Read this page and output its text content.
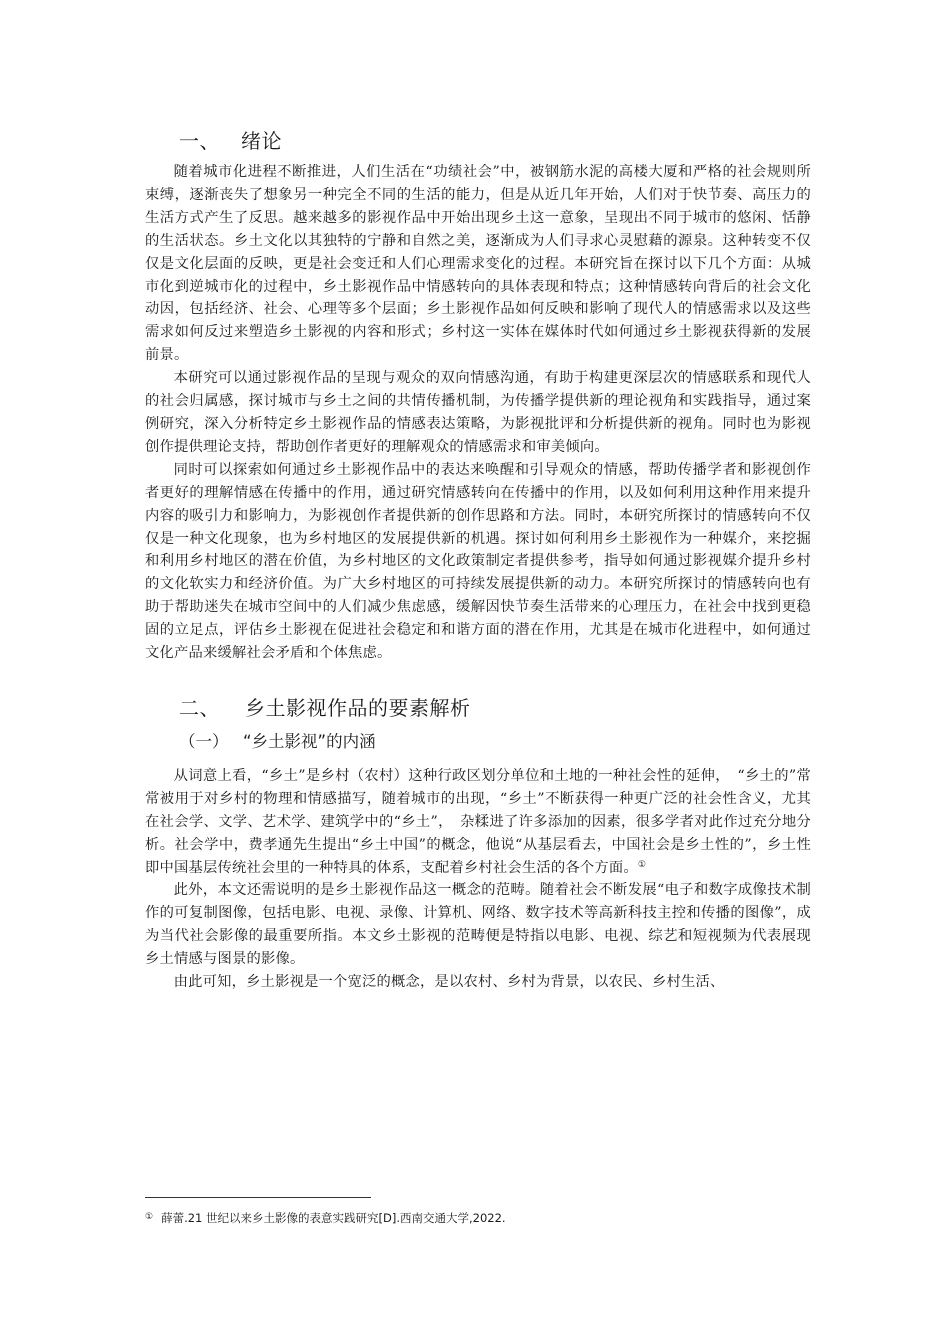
一、 绪论

随着城市化进程不断推进，人们生活在“功绩社会”中，被钢筋水泥的高楼大厦和严格的社会规则所束缚，逐渐丧失了想象另一种完全不同的生活的能力，但是从近几年开始，人们对于快节奏、高压力的生活方式产生了反思。越来越多的影视作品中开始出现乡土这一意象，呈现出不同于城市的悠闲、恬静的生活状态。乡土文化以其独特的宁静和自然之美，逐渐成为人们寻求心灵慰藉的源泉。这种转变不仅仅是文化层面的反映，更是社会变迁和人们心理需求变化的过程。本研究旨在探讨以下几个方面：从城市化到逆城市化的过程中，乡土影视作品中情感转向的具体表现和特点；这种情感转向背后的社会文化动因，包括经济、社会、心理等多个层面；乡土影视作品如何反映和影响了现代人的情感需求以及这些需求如何反过来塑造乡土影视的内容和形式；乡村这一实体在媒体时代如何通过乡土影视获得新的发展前景。

本研究可以通过影视作品的呈现与观众的双向情感沟通，有助于构建更深层次的情感联系和现代人的社会归属感，探讨城市与乡土之间的共情传播机制，为传播学提供新的理论视角和实践指导，通过案例研究，深入分析特定乡土影视作品的情感表达策略，为影视批评和分析提供新的视角。同时也为影视创作提供理论支持，帮助创作者更好的理解观众的情感需求和审美倾向。

同时可以探索如何通过乡土影视作品中的表达来唤醒和引导观众的情感，帮助传播学者和影视创作者更好的理解情感在传播中的作用，通过研究情感转向在传播中的作用，以及如何利用这种作用来提升内容的吸引力和影响力，为影视创作者提供新的创作思路和方法。同时，本研究所探讨的情感转向不仅仅是一种文化现象，也为乡村地区的发展提供新的机遇。探讨如何利用乡土影视作为一种媒介，来挖掘和利用乡村地区的潜在价值，为乡村地区的文化政策制定者提供参考，指导如何通过影视媒介提升乡村的文化软实力和经济价值。为广大乡村地区的可持续发展提供新的动力。本研究所探讨的情感转向也有助于帮助迷失在城市空间中的人们减少焦虑感，缓解因快节奏生活带来的心理压力，在社会中找到更稳固的立足点，评估乡土影视在促进社会稳定和和谐方面的潜在作用，尤其是在城市化进程中，如何通过文化产品来缓解社会矛盾和个体焦虑。

二、 乡土影视作品的要素解析
（一） “乡土影视”的内涵

从词意上看，“乡土”是乡村（农村）这种行政区划分单位和土地的一种社会性的延伸，　“乡土的”常常被用于对乡村的物理和情感描写，随着城市的出现，“乡土”不断获得一种更广泛的社会性含义，尤其在社会学、文学、艺术学、建筑学中的“乡土”，　杂糅进了许多添加的因素，很多学者对此作过充分地分析。社会学中，费孝通先生提出“乡土中国”的概念，他说“从基层看去，中国社会是乡土性的”，乡土性即中国基层传统社会里的一种特具的体系，支配着乡村社会生活的各个方面。①

此外，本文还需说明的是乡土影视作品这一概念的范畴。随着社会不断发展“电子和数字成像技术制作的可复制图像，包括电影、电视、录像、计算机、网络、数字技术等高新科技主控和传播的图像”，成为当代社会影像的最重要所指。本文乡土影视的范畴便是特指以电影、电视、综艺和短视频为代表展现乡土情感与图景的影像。

由此可知，乡土影视是一个宽泛的概念，是以农村、乡村为背景，以农民、乡村生活、

① 薛蕾.21 世纪以来乡土影像的表意实践研究[D].西南交通大学,2022.
